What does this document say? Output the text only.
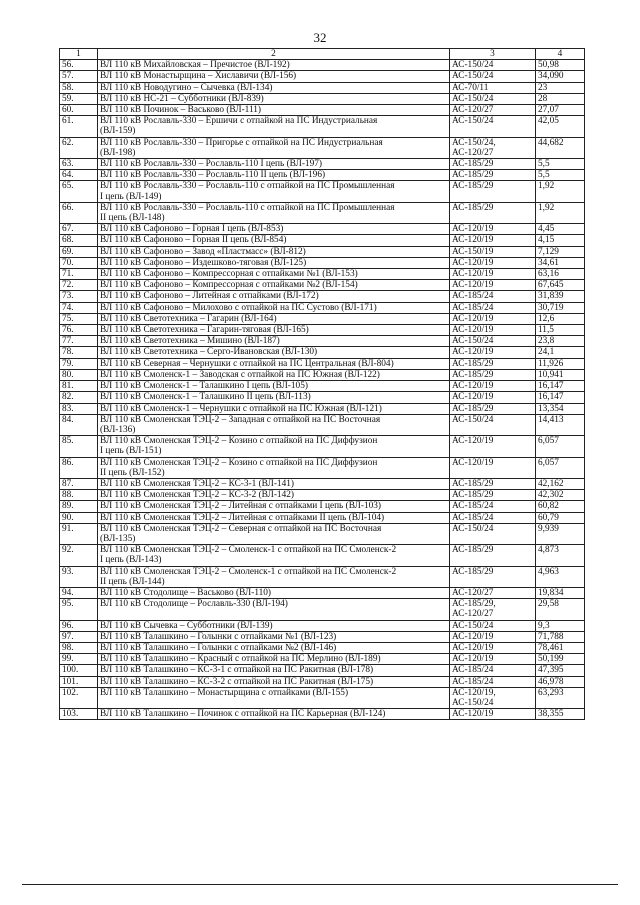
32
1	2	3	4
56.	ВЛ 110 кВ Михайловская – Пречистое (ВЛ-192)	АС-150/24	50,98
57.	ВЛ 110 кВ Монастырщина – Хиславичи (ВЛ-156)	АС-150/24	34,090
58.	ВЛ 110 кВ Новодугино – Сычевка (ВЛ-134)	АС-70/11	23
59.	ВЛ 110 кВ НС-21 – Субботники (ВЛ-839)	АС-150/24	28
60.	ВЛ 110 кВ Починок – Васьково (ВЛ-111)	АС-120/27	27,07
61.	ВЛ 110 кВ Рославль-330 – Ершичи с отпайкой на ПС Индустриальная
(ВЛ-159)	АС-150/24	42,05
62.	ВЛ 110 кВ Рославль-330 – Пригорье с отпайкой на ПС Индустриальная
(ВЛ-198)	АС-150/24,
АС-120/27	44,682
63.	ВЛ 110 кВ Рославль-330 – Рославль-110 I цепь (ВЛ-197)	АС-185/29	5,5
64.	ВЛ 110 кВ Рославль-330 – Рославль-110 II цепь (ВЛ-196)	АС-185/29	5,5
65.	ВЛ 110 кВ Рославль-330 – Рославль-110 с отпайкой на ПС Промышленная
I цепь (ВЛ-149)	АС-185/29	1,92
66.	ВЛ 110 кВ Рославль-330 – Рославль-110 с отпайкой на ПС Промышленная
II цепь (ВЛ-148)	АС-185/29	1,92
67.	ВЛ 110 кВ Сафоново – Горная I цепь (ВЛ-853)	АС-120/19	4,45
68.	ВЛ 110 кВ Сафоново – Горная II цепь (ВЛ-854)	АС-120/19	4,15
69.	ВЛ 110 кВ Сафоново – Завод «Пластмасс» (ВЛ-812)	АС-150/19	7,129
70.	ВЛ 110 кВ Сафоново – Издешково-тяговая (ВЛ-125)	АС-120/19	34,61
71.	ВЛ 110 кВ Сафоново – Компрессорная с отпайками №1 (ВЛ-153)	АС-120/19	63,16
72.	ВЛ 110 кВ Сафоново – Компрессорная с отпайками №2 (ВЛ-154)	АС-120/19	67,645
73.	ВЛ 110 кВ Сафоново – Литейная с отпайками (ВЛ-172)	АС-185/24	31,839
74.	ВЛ 110 кВ Сафоново – Милохово с отпайкой на ПС Сустово (ВЛ-171)	АС-185/24	30,719
75.	ВЛ 110 кВ Светотехника – Гагарин (ВЛ-164)	АС-120/19	12,6
76.	ВЛ 110 кВ Светотехника – Гагарин-тяговая (ВЛ-165)	АС-120/19	11,5
77.	ВЛ 110 кВ Светотехника – Мишино (ВЛ-187)	АС-150/24	23,8
78.	ВЛ 110 кВ Светотехника – Серго-Ивановская (ВЛ-130)	АС-120/19	24,1
79.	ВЛ 110 кВ Северная – Чернушки с отпайкой на ПС Центральная (ВЛ-804)	АС-185/29	11,926
80.	ВЛ 110 кВ Смоленск-1 – Заводская с отпайкой на ПС Южная (ВЛ-122)	АС-185/29	10,941
81.	ВЛ 110 кВ Смоленск-1 – Талашкино I цепь (ВЛ-105)	АС-120/19	16,147
82.	ВЛ 110 кВ Смоленск-1 – Талашкино II цепь (ВЛ-113)	АС-120/19	16,147
83.	ВЛ 110 кВ Смоленск-1 – Чернушки с отпайкой на ПС Южная (ВЛ-121)	АС-185/29	13,354
84.	ВЛ 110 кВ Смоленская ТЭЦ-2 – Западная с отпайкой на ПС Восточная
(ВЛ-136)	АС-150/24	14,413
85.	ВЛ 110 кВ Смоленская ТЭЦ-2 – Козино с отпайкой на ПС Диффузион
I цепь (ВЛ-151)	АС-120/19	6,057
86.	ВЛ 110 кВ Смоленская ТЭЦ-2 – Козино с отпайкой на ПС Диффузион
II цепь (ВЛ-152)	АС-120/19	6,057
87.	ВЛ 110 кВ Смоленская ТЭЦ-2 – КС-3-1 (ВЛ-141)	АС-185/29	42,162
88.	ВЛ 110 кВ Смоленская ТЭЦ-2 – КС-3-2 (ВЛ-142)	АС-185/29	42,302
89.	ВЛ 110 кВ Смоленская ТЭЦ-2 – Литейная с отпайками I цепь (ВЛ-103)	АС-185/24	60,82
90.	ВЛ 110 кВ Смоленская ТЭЦ-2 – Литейная с отпайками II цепь (ВЛ-104)	АС-185/24	60,79
91.	ВЛ 110 кВ Смоленская ТЭЦ-2 – Северная с отпайкой на ПС Восточная
(ВЛ-135)	АС-150/24	9,939
92.	ВЛ 110 кВ Смоленская ТЭЦ-2 – Смоленск-1 с отпайкой на ПС Смоленск-2
I цепь (ВЛ-143)	АС-185/29	4,873
93.	ВЛ 110 кВ Смоленская ТЭЦ-2 – Смоленск-1 с отпайкой на ПС Смоленск-2
II цепь (ВЛ-144)	АС-185/29	4,963
94.	ВЛ 110 кВ Стодолище – Васьково (ВЛ-110)	АС-120/27	19,834
95.	ВЛ 110 кВ Стодолище – Рославль-330 (ВЛ-194)	АС-185/29,
АС-120/27	29,58
96.	ВЛ 110 кВ Сычевка – Субботники (ВЛ-139)	АС-150/24	9,3
97.	ВЛ 110 кВ Талашкино – Голынки с отпайками №1 (ВЛ-123)	АС-120/19	71,788
98.	ВЛ 110 кВ Талашкино – Голынки с отпайками №2 (ВЛ-146)	АС-120/19	78,461
99.	ВЛ 110 кВ Талашкино – Красный с отпайкой на ПС Мерлино (ВЛ-189)	АС-120/19	50,199
100.	ВЛ 110 кВ Талашкино – КС-3-1 с отпайкой на ПС Ракитная (ВЛ-178)	АС-185/24	47,395
101.	ВЛ 110 кВ Талашкино – КС-3-2 с отпайкой на ПС Ракитная (ВЛ-175)	АС-185/24	46,978
102.	ВЛ 110 кВ Талашкино – Монастырщина с отпайками (ВЛ-155)	АС-120/19,
АС-150/24	63,293
103.	ВЛ 110 кВ Талашкино – Починок с отпайкой на ПС Карьерная (ВЛ-124)	АС-120/19	38,355
